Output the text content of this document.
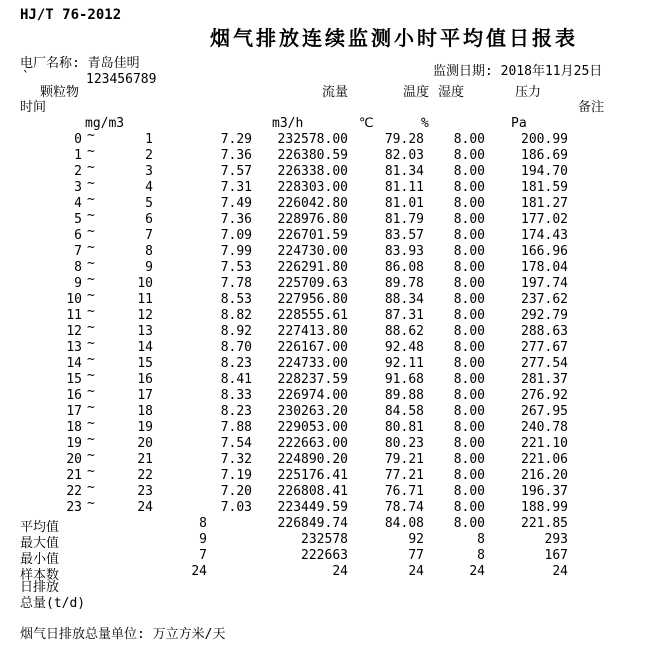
HJ/T 76-2012
烟气排放连续监测小时平均值日报表
电厂名称: 青岛佳明
`	123456789
监测日期: 2018年11月25日
颗粒物	流量	温度 湿度	压力
时间	备注
mg/m3	m3/h	℃	%	Pa
0 ~	1	7.29	232578.00	79.28	8.00	200.99
1 ~	2	7.36	226380.59	82.03	8.00	186.69
2 ~	3	7.57	226338.00	81.34	8.00	194.70
3 ~	4	7.31	228303.00	81.11	8.00	181.59
4 ~	5	7.49	226042.80	81.01	8.00	181.27
5 ~	6	7.36	228976.80	81.79	8.00	177.02
6 ~	7	7.09	226701.59	83.57	8.00	174.43
7 ~	8	7.99	224730.00	83.93	8.00	166.96
8 ~	9	7.53	226291.80	86.08	8.00	178.04
9 ~	10	7.78	225709.63	89.78	8.00	197.74
10 ~	11	8.53	227956.80	88.34	8.00	237.62
11 ~	12	8.82	228555.61	87.31	8.00	292.79
12 ~	13	8.92	227413.80	88.62	8.00	288.63
13 ~	14	8.70	226167.00	92.48	8.00	277.67
14 ~	15	8.23	224733.00	92.11	8.00	277.54
15 ~	16	8.41	228237.59	91.68	8.00	281.37
16 ~	17	8.33	226974.00	89.88	8.00	276.92
17 ~	18	8.23	230263.20	84.58	8.00	267.95
18 ~	19	7.88	229053.00	80.81	8.00	240.78
19 ~	20	7.54	222663.00	80.23	8.00	221.10
20 ~	21	7.32	224890.20	79.21	8.00	221.06
21 ~	22	7.19	225176.41	77.21	8.00	216.20
22 ~	23	7.20	226808.41	76.71	8.00	196.37
23 ~	24	7.03	223449.59	78.74	8.00	188.99
平均值	8	226849.74	84.08	8.00	221.85
最大值	9	232578	92	8	293
最小值	7	222663	77	8	167
样本数	24	24	24	24	24
日排放
总量(t/d)
烟气日排放总量单位: 万立方米/天
